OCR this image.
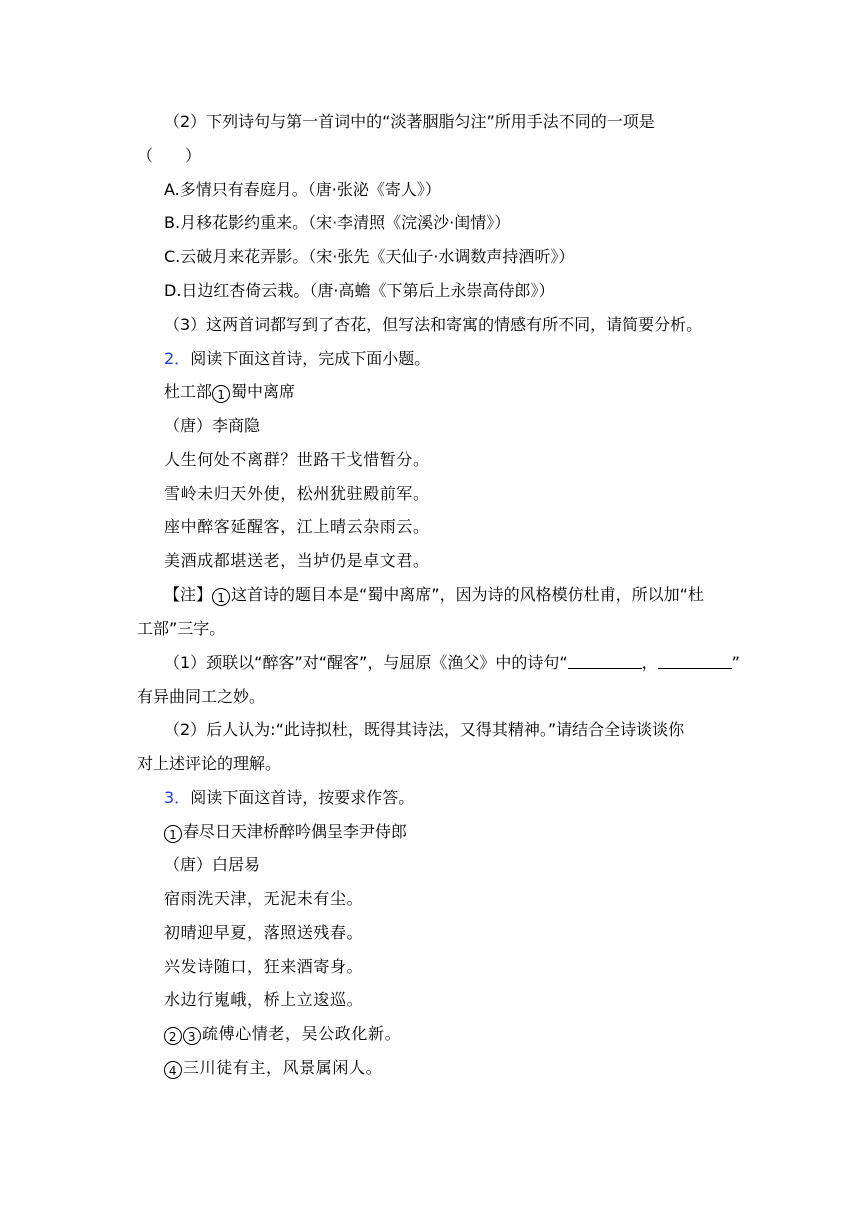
（2）下列诗句与第一首词中的“淡著胭脂匀注”所用手法不同的一项是
（　　）
A.多情只有春庭月。（唐·张泌《寄人》）
B.月移花影约重来。（宋·李清照《浣溪沙·闺情》）
C.云破月来花弄影。（宋·张先《天仙子·水调数声持酒听》）
D.日边红杏倚云栽。（唐·高蟾《下第后上永崇高侍郎》）
（3）这两首词都写到了杏花，但写法和寄寓的情感有所不同，请简要分析。
2．阅读下面这首诗，完成下面小题。
杜工部 1 蜀中离席
（唐）李商隐
人生何处不离群？世路干戈惜暂分。
雪岭未归天外使，松州犹驻殿前军。
座中醉客延醒客，江上晴云杂雨云。
美酒成都堪送老，当垆仍是卓文君。
【注】 1 这首诗的题目本是“蜀中离席”，因为诗的风格模仿杜甫，所以加“杜
工部”三字。
（1）颈联以“醉客”对“醒客”，与屈原《渔父》中的诗句“	，	”
有异曲同工之妙。
（2）后人认为:“此诗拟杜，既得其诗法，又得其精神。”请结合全诗谈谈你
对上述评论的理解。
3．阅读下面这首诗，按要求作答。
1 春尽日天津桥醉吟偶呈李尹侍郎
（唐）白居易
宿雨洗天津，无泥未有尘。
初晴迎早夏，落照送残春。
兴发诗随口，狂来酒寄身。
水边行嵬峨，桥上立逡巡。
2 3 疏傅心情老，吴公政化新。
4 三川徒有主，风景属闲人。
